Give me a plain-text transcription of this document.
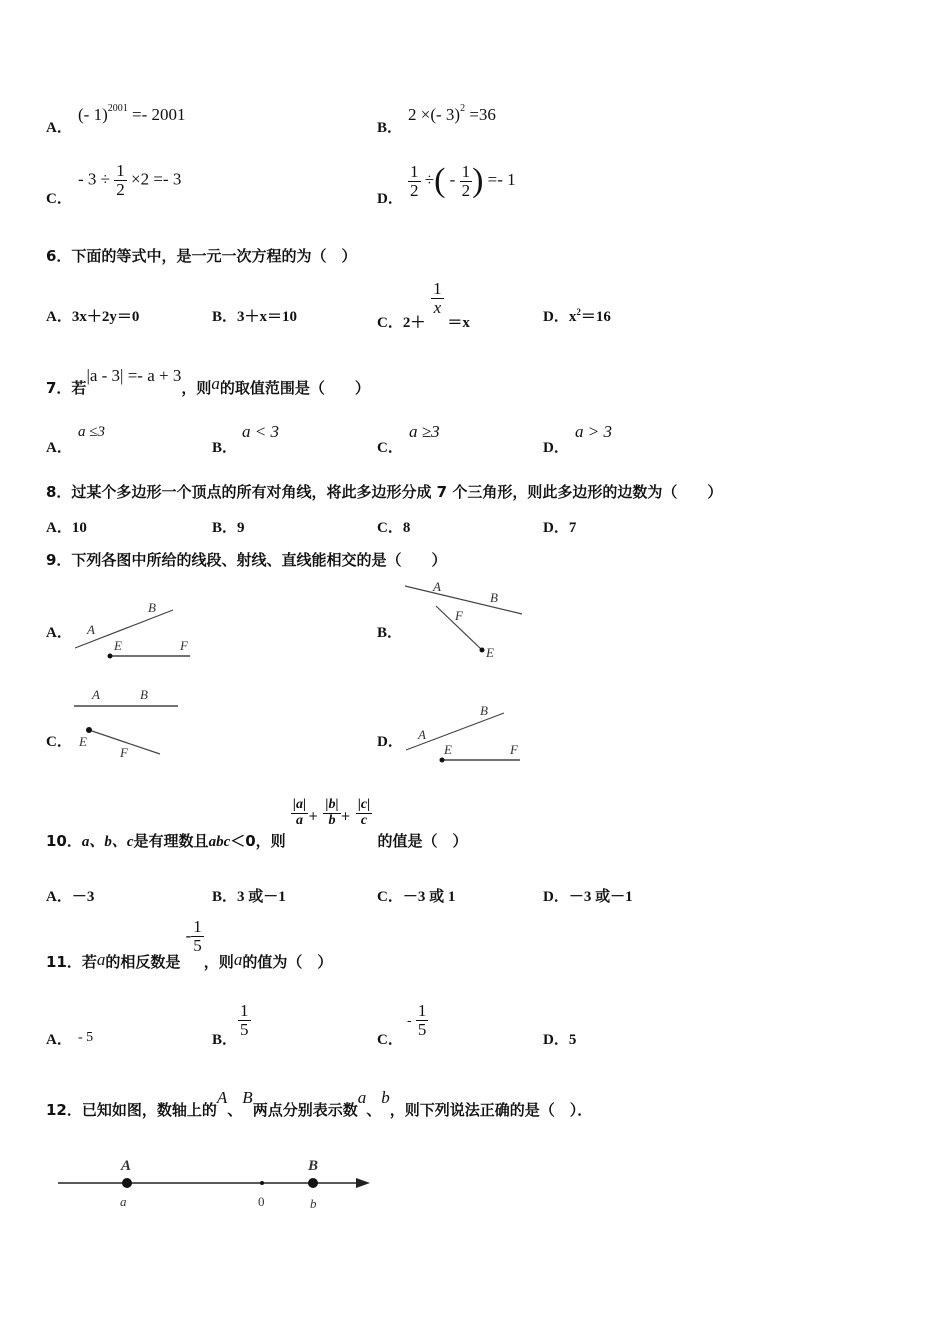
A．
(- 1)$^{2001}$ =- 2001
B．
2 ×(- 3)$^2$ =36
C．
- $3 \div \frac{1}{2} \times 2 =- 3$
D． $\frac{1}{2}$ ÷( - $\frac{1}{2}$ ) =- 1
6．下面的等式中，是一元一次方程的为（　）
A．3x＋2y＝0	B．3＋x＝10	C．2＋
$\frac{1}{x}$
＝x	D．$x^2=16$
7．若|a - 3| =- a + 3，则a的取值范围是（　　）
A．
a ≤3
B．
a < 3
C．
a ≥3
D．
a > 3
8．过某个多边形一个顶点的所有对角线，将此多边形分成 7 个三角形，则此多边形的边数为（　　）
A．10	B．9	C．8	D．7
9．下列各图中所给的线段、射线、直线能相交的是（　　）
A． A
B
E	F
B．
A
B
F
E
C．
A	B
E
F
D． A
B
E	F
10．a、b、c是有理数且abc＜0，则
$\frac{|a|}{a} + \frac{|b|}{b} + \frac{|c|}{c}$
的值是（　）
A．－3	B．3 或－1	C．－3 或 1	D．－3 或－1
11．若a的相反数是 - $\frac{1}{5}$
，则a的值为（　）
A． - 5	B．
$\frac{1}{5}$
C．
- $\frac{1}{5}$
D．5
12．已知如图，数轴上的A、B两点分别表示数a、b，则下列说法正确的是（　）．
A	B
a	0	b
